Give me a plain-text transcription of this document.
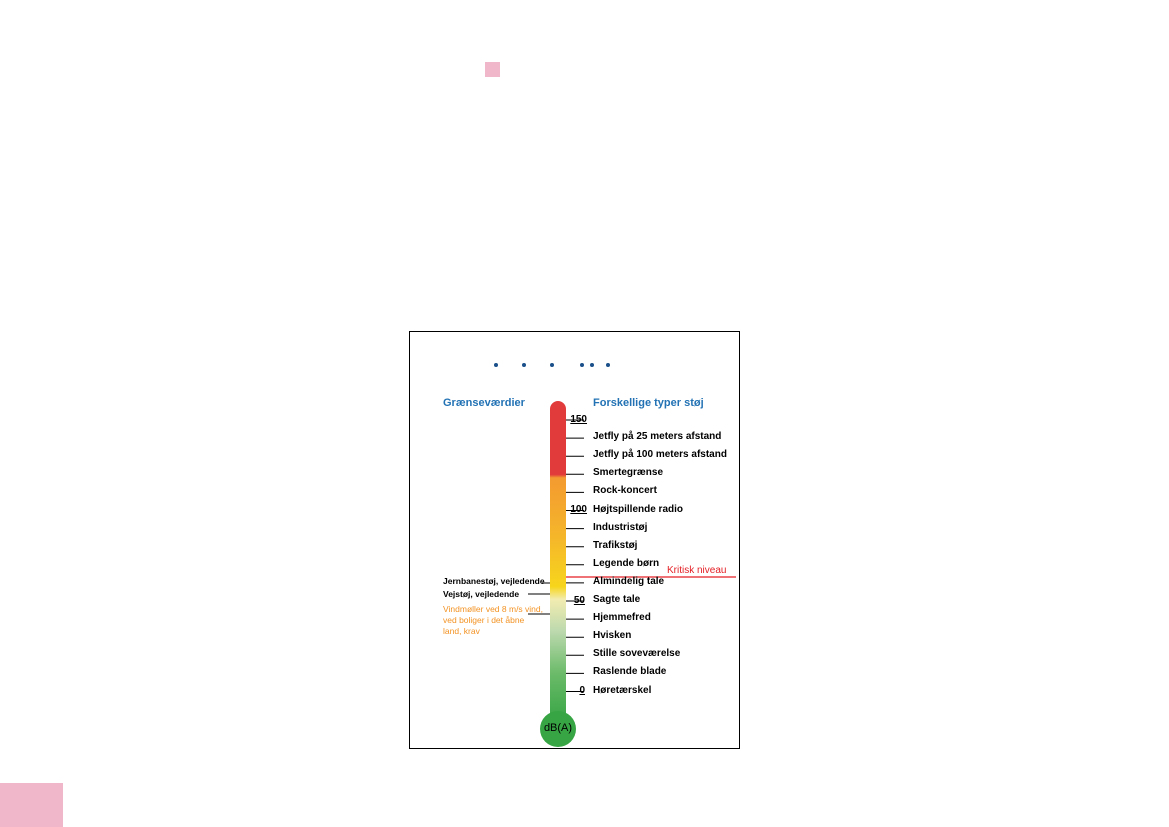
Grænseværdier	Forskellige typer støj
Jetfly på 25 meters afstand
Jetfly på 100 meters afstand
Smertegrænse
Rock-koncert
Højtspillende radio
Industristøj
Trafikstøj
Legende børn
Almindelig tale
Sagte tale
Hjemmefred
Hvisken
Stille soveværelse
Raslende blade
Høretærskel
150
100
50
0
Jernbanestøj, vejledende
Vejstøj, vejledende
Vindmøller ved 8 m/s vind, ved boliger i det åbne land, krav
Kritisk niveau
dB(A)
